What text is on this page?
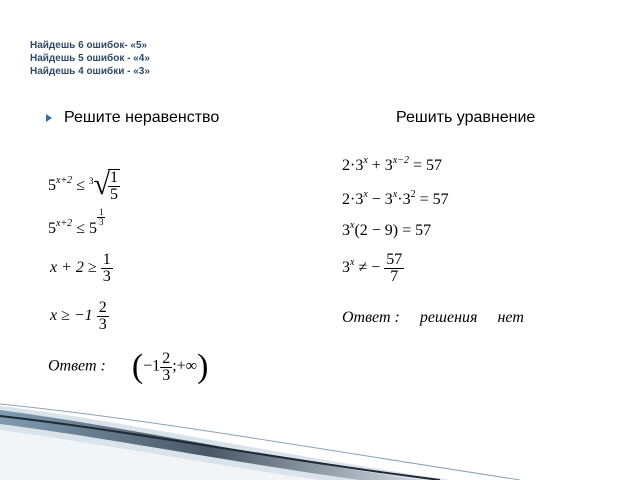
Найдешь 6 ошибок- «5»
Найдешь 5 ошибок - «4»
Найдешь 4 ошибки - «3»
Решите неравенство	Решить уравнение
$5^{x+2} \le ^3√$
$\frac{1}{5}$
$5^{x+2} \le 5$
$\frac{1}{3}$
$x + 2 \ge \frac{1}{3}$
$x \ge -1 \frac{2}{3}$
Ответ : ($-1 \frac{2}{3}$ ;+∞)
$2\cdot 3^x + 3^{x-2} = 57$
$2\cdot 3^x - 3^x\cdot 3^2 = 57$
$3^x(2 - 9) = 57$
$3^x$ ≠ − $\frac{57}{7}$
Ответ :     решения     нет
